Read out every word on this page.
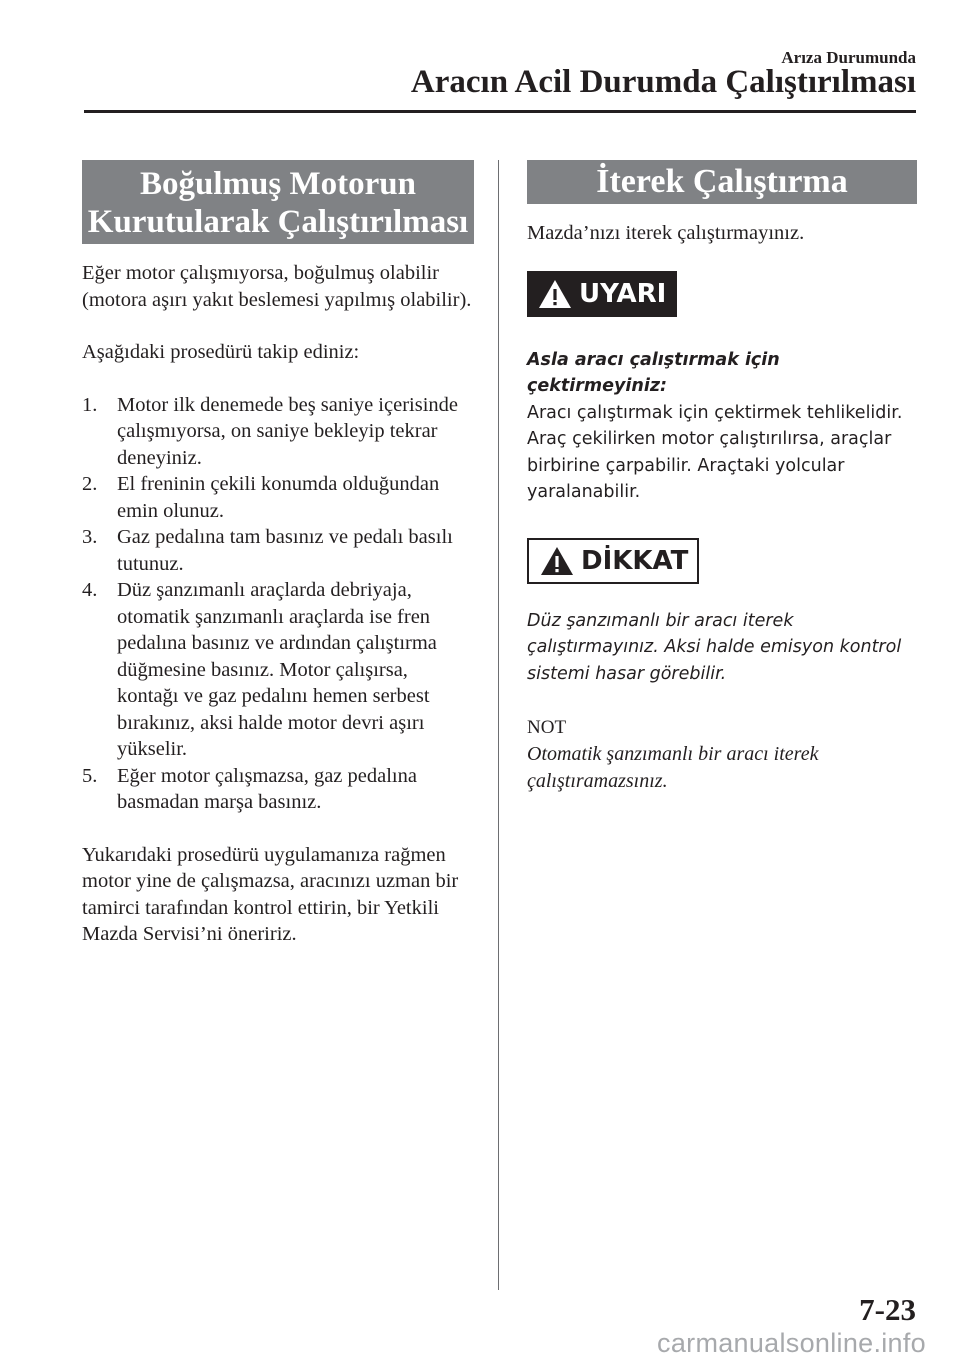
Arıza Durumunda
Aracın Acil Durumda Çalıştırılması
Boğulmuş Motorun
Kurutularak Çalıştırılması

Eğer motor çalışmıyorsa, boğulmuş olabilir (motora aşırı yakıt beslemesi yapılmış olabilir).

Aşağıdaki prosedürü takip ediniz:

1. Motor ilk denemede beş saniye içerisinde çalışmıyorsa, on saniye bekleyip tekrar deneyiniz.
2. El freninin çekili konumda olduğundan emin olunuz.
3. Gaz pedalına tam basınız ve pedalı basılı tutunuz.
4. Düz şanzımanlı araçlarda debriyaja, otomatik şanzımanlı araçlarda ise fren pedalına basınız ve ardından çalıştırma düğmesine basınız. Motor çalışırsa, kontağı ve gaz pedalını hemen serbest bırakınız, aksi halde motor devri aşırı yükselir.
5. Eğer motor çalışmazsa, gaz pedalına basmadan marşa basınız.

Yukarıdaki prosedürü uygulamanıza rağmen motor yine de çalışmazsa, aracınızı uzman bir tamirci tarafından kontrol ettirin, bir Yetkili Mazda Servisi’ni öneririz.

İterek Çalıştırma

Mazda’nızı iterek çalıştırmayınız.

UYARI

Asla aracı çalıştırmak için çektirmeyiniz:

Aracı çalıştırmak için çektirmek tehlikelidir. Araç çekilirken motor çalıştırılırsa, araçlar birbirine çarpabilir. Araçtaki yolcular yaralanabilir.

DİKKAT

Düz şanzımanlı bir aracı iterek çalıştırmayınız. Aksi halde emisyon kontrol sistemi hasar görebilir.

NOT

Otomatik şanzımanlı bir aracı iterek çalıştıramazsınız.

7-23
carmanualsonline.info
